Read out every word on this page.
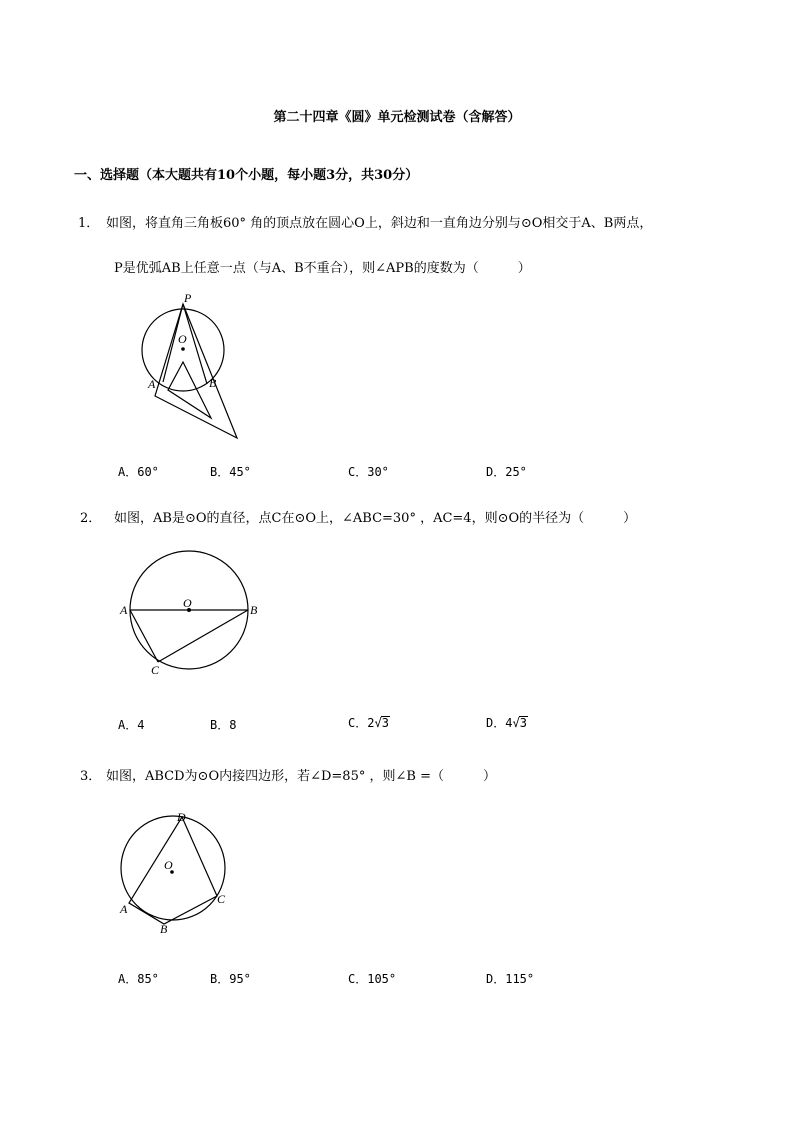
第二十四章《圆》单元检测试卷（含解答）
一、选择题（本大题共有10个小题，每小题3分，共30分）
1． 如图，将直角三角板60° 角的顶点放在圆心O上，斜边和一直角边分别与⊙O相交于A、B两点，
P是优弧AB上任意一点（与A、B不重合），则∠APB的度数为（　　　）
P
O
A	B
A．60°	B．45°	C．30°	D．25°
2． 如图，AB是⊙O的直径，点C在⊙O上，∠ABC=30° ，AC=4，则⊙O的半径为（　　　）
A	O	B
C
A．4	B．8	C．2√3	D．4√3
3． 如图，ABCD为⊙O内接四边形，若∠D=85° ，则∠B =（　　　）
D
O
A
B
C
A．85°	B．95°	C．105°	D．115°
